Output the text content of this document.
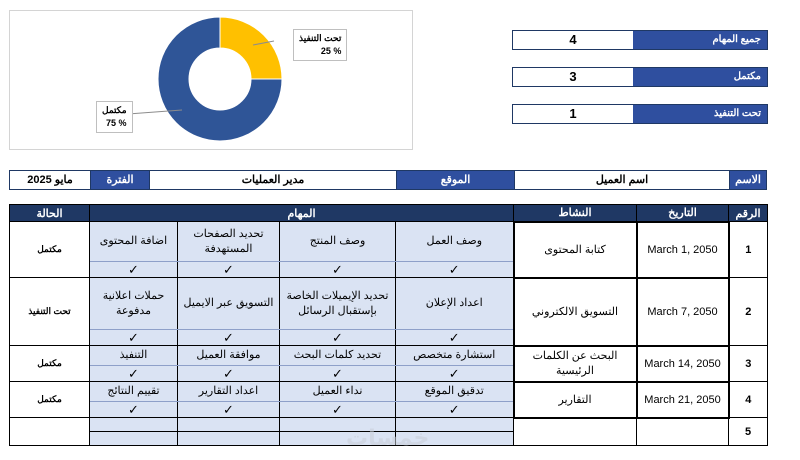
تحت التنفيذ
25 %
مكتمل
75 %
4	جميع المهام
3	مكتمل
1	تحت التنفيذ
مايو 2025	الفترة	مدير العمليات	الموقع	اسم العميل	الاسم
الحالة	المهام				النشاط	التاريخ	الرقم
مكتمل	اضافة المحتوى	تحديد الصفحات المستهدفة	وصف المنتج	وصف العمل	كتابة المحتوى	March 1, 2050	1
	✓	✓	✓	✓			
تحت التنفيذ	حملات اعلانية مدفوعة	التسويق عبر الايميل	تحديد الإيميلات الخاصة بإستقبال الرسائل	اعداد الإعلان	التسويق الالكتروني	March 7, 2050	2
	✓	✓	✓	✓			
مكتمل	التنفيذ	موافقة العميل	تحديد كلمات البحث	استشارة متخصص	البحث عن الكلمات الرئيسية	March 14, 2050	3
	✓	✓	✓	✓			
مكتمل	تقييم النتائج	اعداد التقارير	نداء العميل	تدقيق الموقع	التقارير	March 21, 2050	4
	✓	✓	✓	✓			
							5

خمسات
